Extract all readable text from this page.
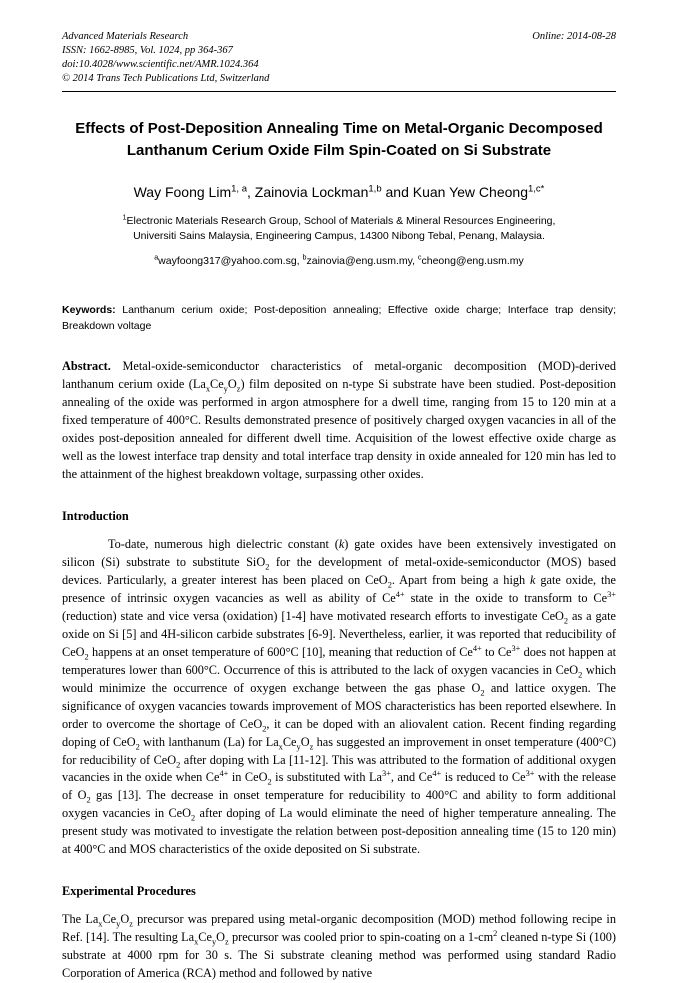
Advanced Materials Research
ISSN: 1662-8985, Vol. 1024, pp 364-367
doi:10.4028/www.scientific.net/AMR.1024.364
© 2014 Trans Tech Publications Ltd, Switzerland
Online: 2014-08-28
Effects of Post-Deposition Annealing Time on Metal-Organic Decomposed Lanthanum Cerium Oxide Film Spin-Coated on Si Substrate
Way Foong Lim$^{1, a}$, Zainovia Lockman$^{1,b}$ and Kuan Yew Cheong$^{1,c*}$
$^1$Electronic Materials Research Group, School of Materials & Mineral Resources Engineering,
Universiti Sains Malaysia, Engineering Campus, 14300 Nibong Tebal, Penang, Malaysia.
$^a$wayfoong317@yahoo.com.sg, $^b$zainovia@eng.usm.my, $^c$cheong@eng.usm.my
Keywords: Lanthanum cerium oxide; Post-deposition annealing; Effective oxide charge; Interface trap density; Breakdown voltage
Abstract. Metal-oxide-semiconductor characteristics of metal-organic decomposition (MOD)-derived lanthanum cerium oxide $(La_xCe_yO_z)$ film deposited on n-type Si substrate have been studied. Post-deposition annealing of the oxide was performed in argon atmosphere for a dwell time, ranging from 15 to 120 min at a fixed temperature of 400°C. Results demonstrated presence of positively charged oxygen vacancies in all of the oxides post-deposition annealed for different dwell time. Acquisition of the lowest effective oxide charge as well as the lowest interface trap density and total interface trap density in oxide annealed for 120 min has led to the attainment of the highest breakdown voltage, surpassing other oxides.
Introduction
To-date, numerous high dielectric constant (k) gate oxides have been extensively investigated on silicon (Si) substrate to substitute SiO$_2$ for the development of metal-oxide-semiconductor (MOS) based devices. Particularly, a greater interest has been placed on CeO$_2$. Apart from being a high k gate oxide, the presence of intrinsic oxygen vacancies as well as ability of $Ce^{4+}$ state in the oxide to transform to $Ce^{3+}$ (reduction) state and vice versa (oxidation) [1-4] have motivated research efforts to investigate CeO$_2$ as a gate oxide on Si [5] and 4H-silicon carbide substrates [6-9]. Nevertheless, earlier, it was reported that reducibility of CeO$_2$ happens at an onset temperature of 600°C [10], meaning that reduction of $Ce^{4+}$ to $Ce^{3+}$ does not happen at temperatures lower than 600°C. Occurrence of this is attributed to the lack of oxygen vacancies in CeO$_2$ which would minimize the occurrence of oxygen exchange between the gas phase $O_2$ and lattice oxygen. The significance of oxygen vacancies towards improvement of MOS characteristics has been reported elsewhere. In order to overcome the shortage of CeO$_2$, it can be doped with an aliovalent cation. Recent finding regarding doping of CeO$_2$ with lanthanum (La) for $La_xCe_yO_z$ has suggested an improvement in onset temperature (400°C) for reducibility of CeO$_2$ after doping with La [11-12]. This was attributed to the formation of additional oxygen vacancies in the oxide when $Ce^{4+}$ in CeO$_2$ is substituted with $La^{3+}$, and $Ce^{4+}$ is reduced to $Ce^{3+}$ with the release of $O_2$ gas [13]. The decrease in onset temperature for reducibility to 400°C and ability to form additional oxygen vacancies in CeO$_2$ after doping of La would eliminate the need of higher temperature annealing. The present study was motivated to investigate the relation between post-deposition annealing time (15 to 120 min) at 400°C and MOS characteristics of the oxide deposited on Si substrate.
Experimental Procedures
The $La_xCe_yO_z$ precursor was prepared using metal-organic decomposition (MOD) method following recipe in Ref. [14]. The resulting $La_xCe_yO_z$ precursor was cooled prior to spin-coating on a $1-cm^2$ cleaned n-type Si (100) substrate at 4000 rpm for 30 s. The Si substrate cleaning method was performed using standard Radio Corporation of America (RCA) method and followed by native
